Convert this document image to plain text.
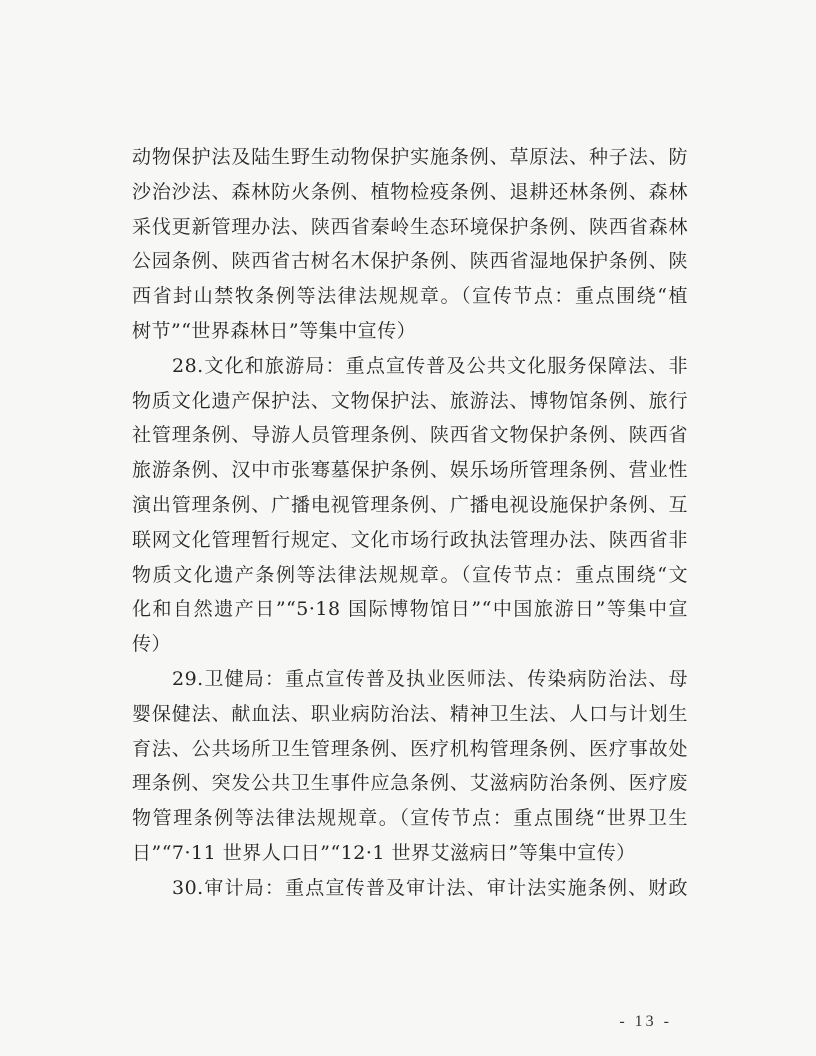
动物保护法及陆生野生动物保护实施条例、草原法、种子法、防
沙治沙法、森林防火条例、植物检疫条例、退耕还林条例、森林
采伐更新管理办法、陕西省秦岭生态环境保护条例、陕西省森林
公园条例、陕西省古树名木保护条例、陕西省湿地保护条例、陕
西省封山禁牧条例等法律法规规章。（宣传节点：重点围绕“植
树节”“世界森林日”等集中宣传）
28.文化和旅游局：重点宣传普及公共文化服务保障法、非
物质文化遗产保护法、文物保护法、旅游法、博物馆条例、旅行
社管理条例、导游人员管理条例、陕西省文物保护条例、陕西省
旅游条例、汉中市张骞墓保护条例、娱乐场所管理条例、营业性
演出管理条例、广播电视管理条例、广播电视设施保护条例、互
联网文化管理暂行规定、文化市场行政执法管理办法、陕西省非
物质文化遗产条例等法律法规规章。（宣传节点：重点围绕“文
化和自然遗产日”“5·18 国际博物馆日”“中国旅游日”等集中宣
传）
29.卫健局：重点宣传普及执业医师法、传染病防治法、母
婴保健法、献血法、职业病防治法、精神卫生法、人口与计划生
育法、公共场所卫生管理条例、医疗机构管理条例、医疗事故处
理条例、突发公共卫生事件应急条例、艾滋病防治条例、医疗废
物管理条例等法律法规规章。（宣传节点：重点围绕“世界卫生
日”“7·11 世界人口日”“12·1 世界艾滋病日”等集中宣传）
30.审计局：重点宣传普及审计法、审计法实施条例、财政
- 13 -
